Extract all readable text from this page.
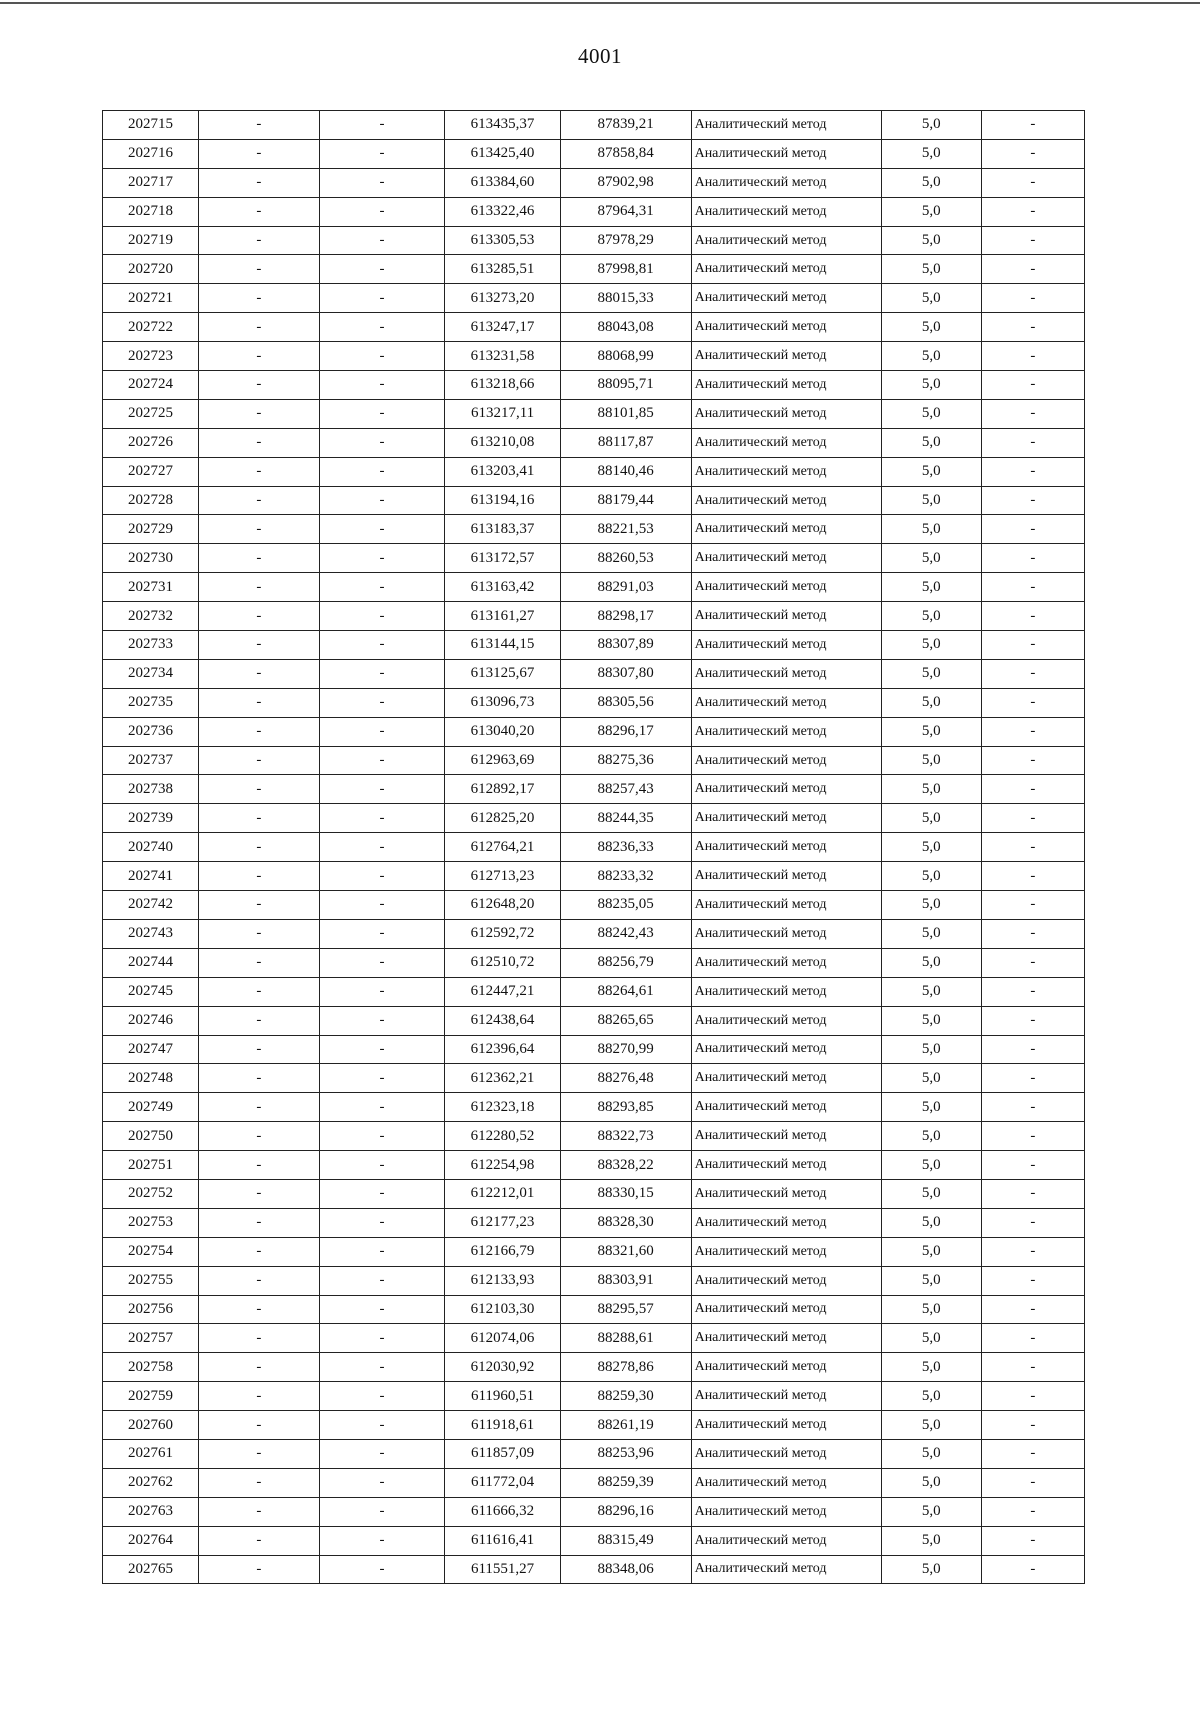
4001
202715	-	-	613435,37	87839,21	Аналитический метод	5,0	-
202716	-	-	613425,40	87858,84	Аналитический метод	5,0	-
202717	-	-	613384,60	87902,98	Аналитический метод	5,0	-
202718	-	-	613322,46	87964,31	Аналитический метод	5,0	-
202719	-	-	613305,53	87978,29	Аналитический метод	5,0	-
202720	-	-	613285,51	87998,81	Аналитический метод	5,0	-
202721	-	-	613273,20	88015,33	Аналитический метод	5,0	-
202722	-	-	613247,17	88043,08	Аналитический метод	5,0	-
202723	-	-	613231,58	88068,99	Аналитический метод	5,0	-
202724	-	-	613218,66	88095,71	Аналитический метод	5,0	-
202725	-	-	613217,11	88101,85	Аналитический метод	5,0	-
202726	-	-	613210,08	88117,87	Аналитический метод	5,0	-
202727	-	-	613203,41	88140,46	Аналитический метод	5,0	-
202728	-	-	613194,16	88179,44	Аналитический метод	5,0	-
202729	-	-	613183,37	88221,53	Аналитический метод	5,0	-
202730	-	-	613172,57	88260,53	Аналитический метод	5,0	-
202731	-	-	613163,42	88291,03	Аналитический метод	5,0	-
202732	-	-	613161,27	88298,17	Аналитический метод	5,0	-
202733	-	-	613144,15	88307,89	Аналитический метод	5,0	-
202734	-	-	613125,67	88307,80	Аналитический метод	5,0	-
202735	-	-	613096,73	88305,56	Аналитический метод	5,0	-
202736	-	-	613040,20	88296,17	Аналитический метод	5,0	-
202737	-	-	612963,69	88275,36	Аналитический метод	5,0	-
202738	-	-	612892,17	88257,43	Аналитический метод	5,0	-
202739	-	-	612825,20	88244,35	Аналитический метод	5,0	-
202740	-	-	612764,21	88236,33	Аналитический метод	5,0	-
202741	-	-	612713,23	88233,32	Аналитический метод	5,0	-
202742	-	-	612648,20	88235,05	Аналитический метод	5,0	-
202743	-	-	612592,72	88242,43	Аналитический метод	5,0	-
202744	-	-	612510,72	88256,79	Аналитический метод	5,0	-
202745	-	-	612447,21	88264,61	Аналитический метод	5,0	-
202746	-	-	612438,64	88265,65	Аналитический метод	5,0	-
202747	-	-	612396,64	88270,99	Аналитический метод	5,0	-
202748	-	-	612362,21	88276,48	Аналитический метод	5,0	-
202749	-	-	612323,18	88293,85	Аналитический метод	5,0	-
202750	-	-	612280,52	88322,73	Аналитический метод	5,0	-
202751	-	-	612254,98	88328,22	Аналитический метод	5,0	-
202752	-	-	612212,01	88330,15	Аналитический метод	5,0	-
202753	-	-	612177,23	88328,30	Аналитический метод	5,0	-
202754	-	-	612166,79	88321,60	Аналитический метод	5,0	-
202755	-	-	612133,93	88303,91	Аналитический метод	5,0	-
202756	-	-	612103,30	88295,57	Аналитический метод	5,0	-
202757	-	-	612074,06	88288,61	Аналитический метод	5,0	-
202758	-	-	612030,92	88278,86	Аналитический метод	5,0	-
202759	-	-	611960,51	88259,30	Аналитический метод	5,0	-
202760	-	-	611918,61	88261,19	Аналитический метод	5,0	-
202761	-	-	611857,09	88253,96	Аналитический метод	5,0	-
202762	-	-	611772,04	88259,39	Аналитический метод	5,0	-
202763	-	-	611666,32	88296,16	Аналитический метод	5,0	-
202764	-	-	611616,41	88315,49	Аналитический метод	5,0	-
202765	-	-	611551,27	88348,06	Аналитический метод	5,0	-
